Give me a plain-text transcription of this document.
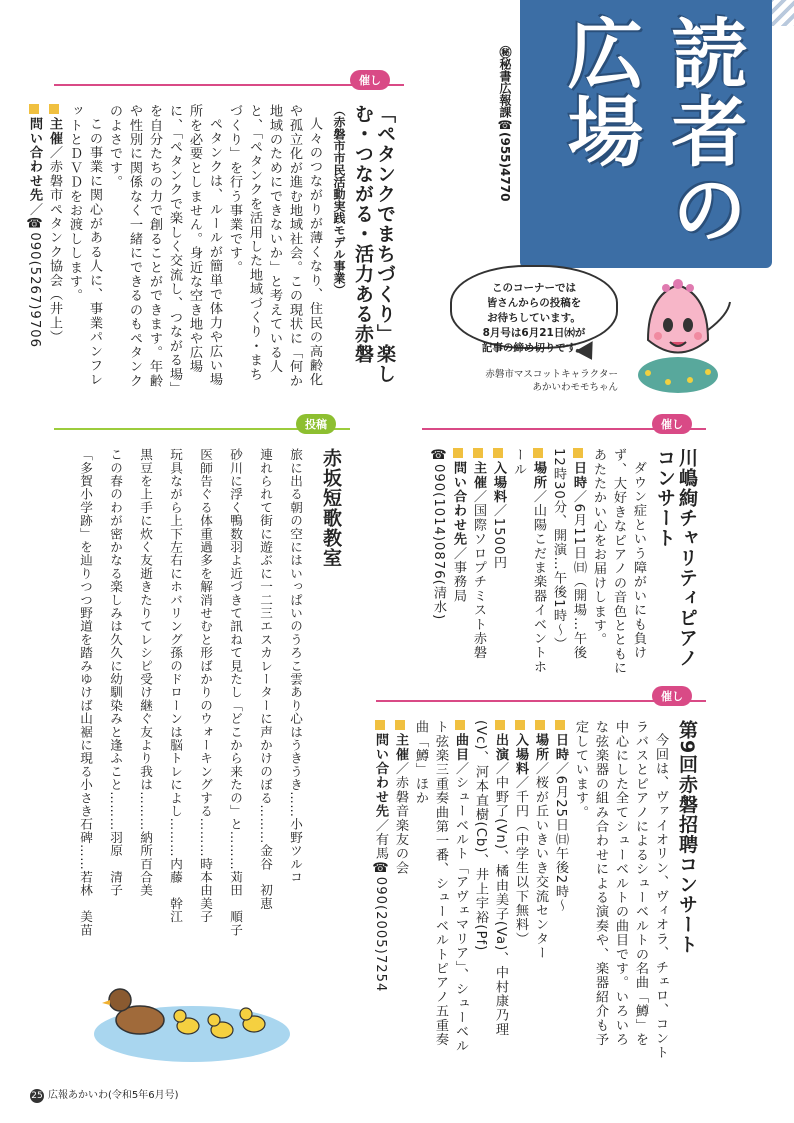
読者の
広場
㊙秘書広報課☎(955)4770
このコーナーでは
皆さんからの投稿を
お待ちしています。
8月号は6月21日㈬が
記事の締め切りです。
赤磐市マスコットキャラクター
あかいわモモちゃん
催し
「ペタンクでまちづくり」楽しむ・つながる・活力ある赤磐
（赤磐市市民活動実践モデル事業）
人々のつながりが薄くなり、住民の高齢化や孤立化が進む地域社会。この現状に「何か地域のためにできないか」と考えている人と、「ペタンクを活用した地域づくり・まちづくり」を行う事業です。
ペタンクは、ルールが簡単で体力や広い場所を必要としません。身近な空き地や広場に、「ペタンクで楽しく交流し、つながる場」を自分たちの力で創ることができます。年齢や性別に関係なく一緒にできるのもペタンクのよさです。
この事業に関心がある人に、事業パンフレットとＤＶＤをお渡しします。
主催／赤磐市ペタンク協会（井上）
問い合わせ先／☎090(5267)9706
催し
川嶋絢チャリティピアノコンサート
ダウン症という障がいにも負けず、大好きなピアノの音色とともにあたたかい心をお届けします。
日時／6月11日㈰（開場…午後12時30分、開演…午後1時～）
場所／山陽こだま楽器イベントホール
入場料／1500円
主催／国際ソロプチミスト赤磐
問い合わせ先／事務局
☎090(1014)0876(清水)
催し
第9回赤磐招聘コンサート
今回は、ヴァイオリン、ヴィオラ、チェロ、コントラバスとピアノによるシューベルトの名曲「鱒」を中心にした全てシューベルトの曲目です。いろいろな弦楽器の組み合わせによる演奏や、楽器紹介も予定しています。
日時／6月25日㈰午後2時～
場所／桜が丘いきいき交流センター
入場料／千円（中学生以下無料）
出演／中野了(Vn)、橘由美子(Va)、中村康乃理(Vc)、河本直樹(Cb)、井上宇裕(Pf)
曲目／シューベルト「アヴェマリア」、シューベルト弦楽三重奏曲第一番、シューベルトピアノ五重奏曲「鱒」ほか
主催／赤磐音楽友の会
問い合わせ先／有馬☎090(2005)7254
投稿
赤坂短歌教室
旅に出る朝の空にはいっぱいのうろこ雲あり心はうきうき……小野ツルコ
連れられて街に遊ぶに一二三エスカレーターに声かけのぼる………金谷　初恵
砂川に浮く鴨数羽よ近づきて訊ねて見たし「どこから来たの」と………苅田　順子
医師告ぐる体重過多を解消せむと形ばかりのウォーキングする………時本由美子
玩具ながら上下左右にホバリング孫のドローンは脳トレによし………内藤　幹江
黒豆を上手に炊く友逝きたりてレシピ受け継ぐ友より我は………納所百合美
この春のわが密かなる楽しみは久久に幼馴染みと逢ふこと………羽原　清子
「多賀小学跡」を辿りつつ野道を踏みゆけば山裾に現る小さき石碑……若林　美苗
25 広報あかいわ(令和5年6月号)
